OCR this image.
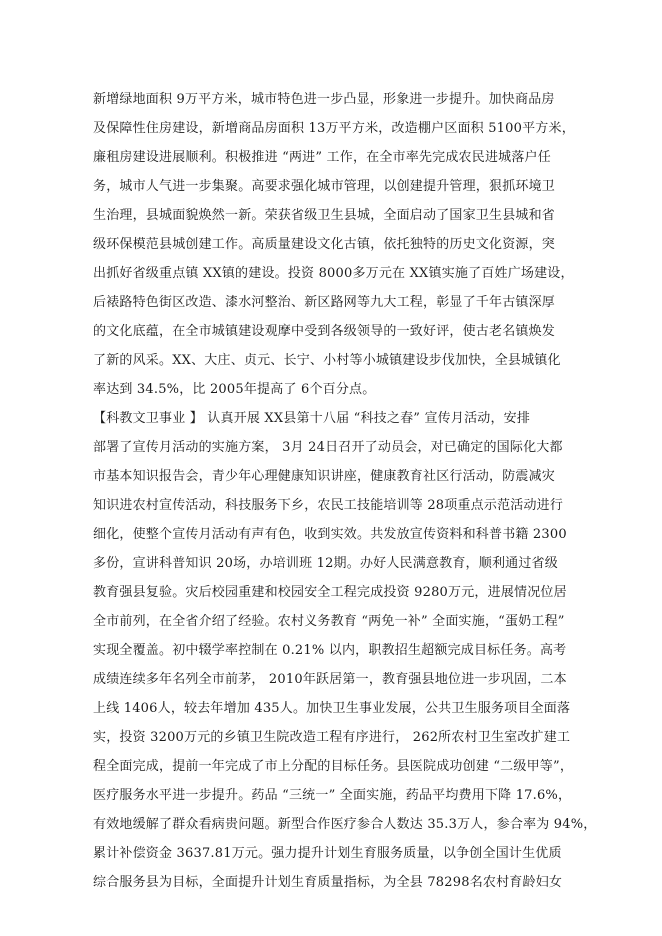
新增绿地面积 9万平方米，城市特色进一步凸显，形象进一步提升。加快商品房
及保障性住房建设，新增商品房面积 13万平方米，改造棚户区面积 5100平方米，
廉租房建设进展顺利。积极推进 “两进” 工作，在全市率先完成农民进城落户任
务，城市人气进一步集聚。高要求强化城市管理，以创建提升管理，狠抓环境卫
生治理，县城面貌焕然一新。荣获省级卫生县城，全面启动了国家卫生县城和省
级环保模范县城创建工作。高质量建设文化古镇，依托独特的历史文化资源，突
出抓好省级重点镇 XX镇的建设。投资 8000多万元在 XX镇实施了百姓广场建设，
后裱路特色街区改造、漆水河整治、新区路网等九大工程，彰显了千年古镇深厚
的文化底蕴，在全市城镇建设观摩中受到各级领导的一致好评，使古老名镇焕发
了新的风采。XX、大庄、贞元、长宁、小村等小城镇建设步伐加快，全县城镇化
率达到 34.5%，比 2005年提高了 6个百分点。
【科教文卫事业 】 认真开展 XX县第十八届 “科技之春” 宣传月活动，安排
部署了宣传月活动的实施方案， 3月 24日召开了动员会，对已确定的国际化大都
市基本知识报告会，青少年心理健康知识讲座，健康教育社区行活动，防震减灾
知识进农村宣传活动，科技服务下乡，农民工技能培训等 28项重点示范活动进行
细化，使整个宣传月活动有声有色，收到实效。共发放宣传资料和科普书籍 2300
多份，宣讲科普知识 20场，办培训班 12期。办好人民满意教育，顺利通过省级
教育强县复验。灾后校园重建和校园安全工程完成投资 9280万元，进展情况位居
全市前列，在全省介绍了经验。农村义务教育 “两免一补” 全面实施，“蛋奶工程”
实现全覆盖。初中辍学率控制在 0.21% 以内，职教招生超额完成目标任务。高考
成绩连续多年名列全市前茅， 2010年跃居第一，教育强县地位进一步巩固，二本
上线 1406人，较去年增加 435人。加快卫生事业发展，公共卫生服务项目全面落
实，投资 3200万元的乡镇卫生院改造工程有序进行， 262所农村卫生室改扩建工
程全面完成，提前一年完成了市上分配的目标任务。县医院成功创建 “二级甲等”，
医疗服务水平进一步提升。药品 “三统一” 全面实施，药品平均费用下降 17.6%，
有效地缓解了群众看病贵问题。新型合作医疗参合人数达 35.3万人，参合率为 94%，
累计补偿资金 3637.81万元。强力提升计划生育服务质量，以争创全国计生优质
综合服务县为目标，全面提升计划生育质量指标，为全县 78298名农村育龄妇女
